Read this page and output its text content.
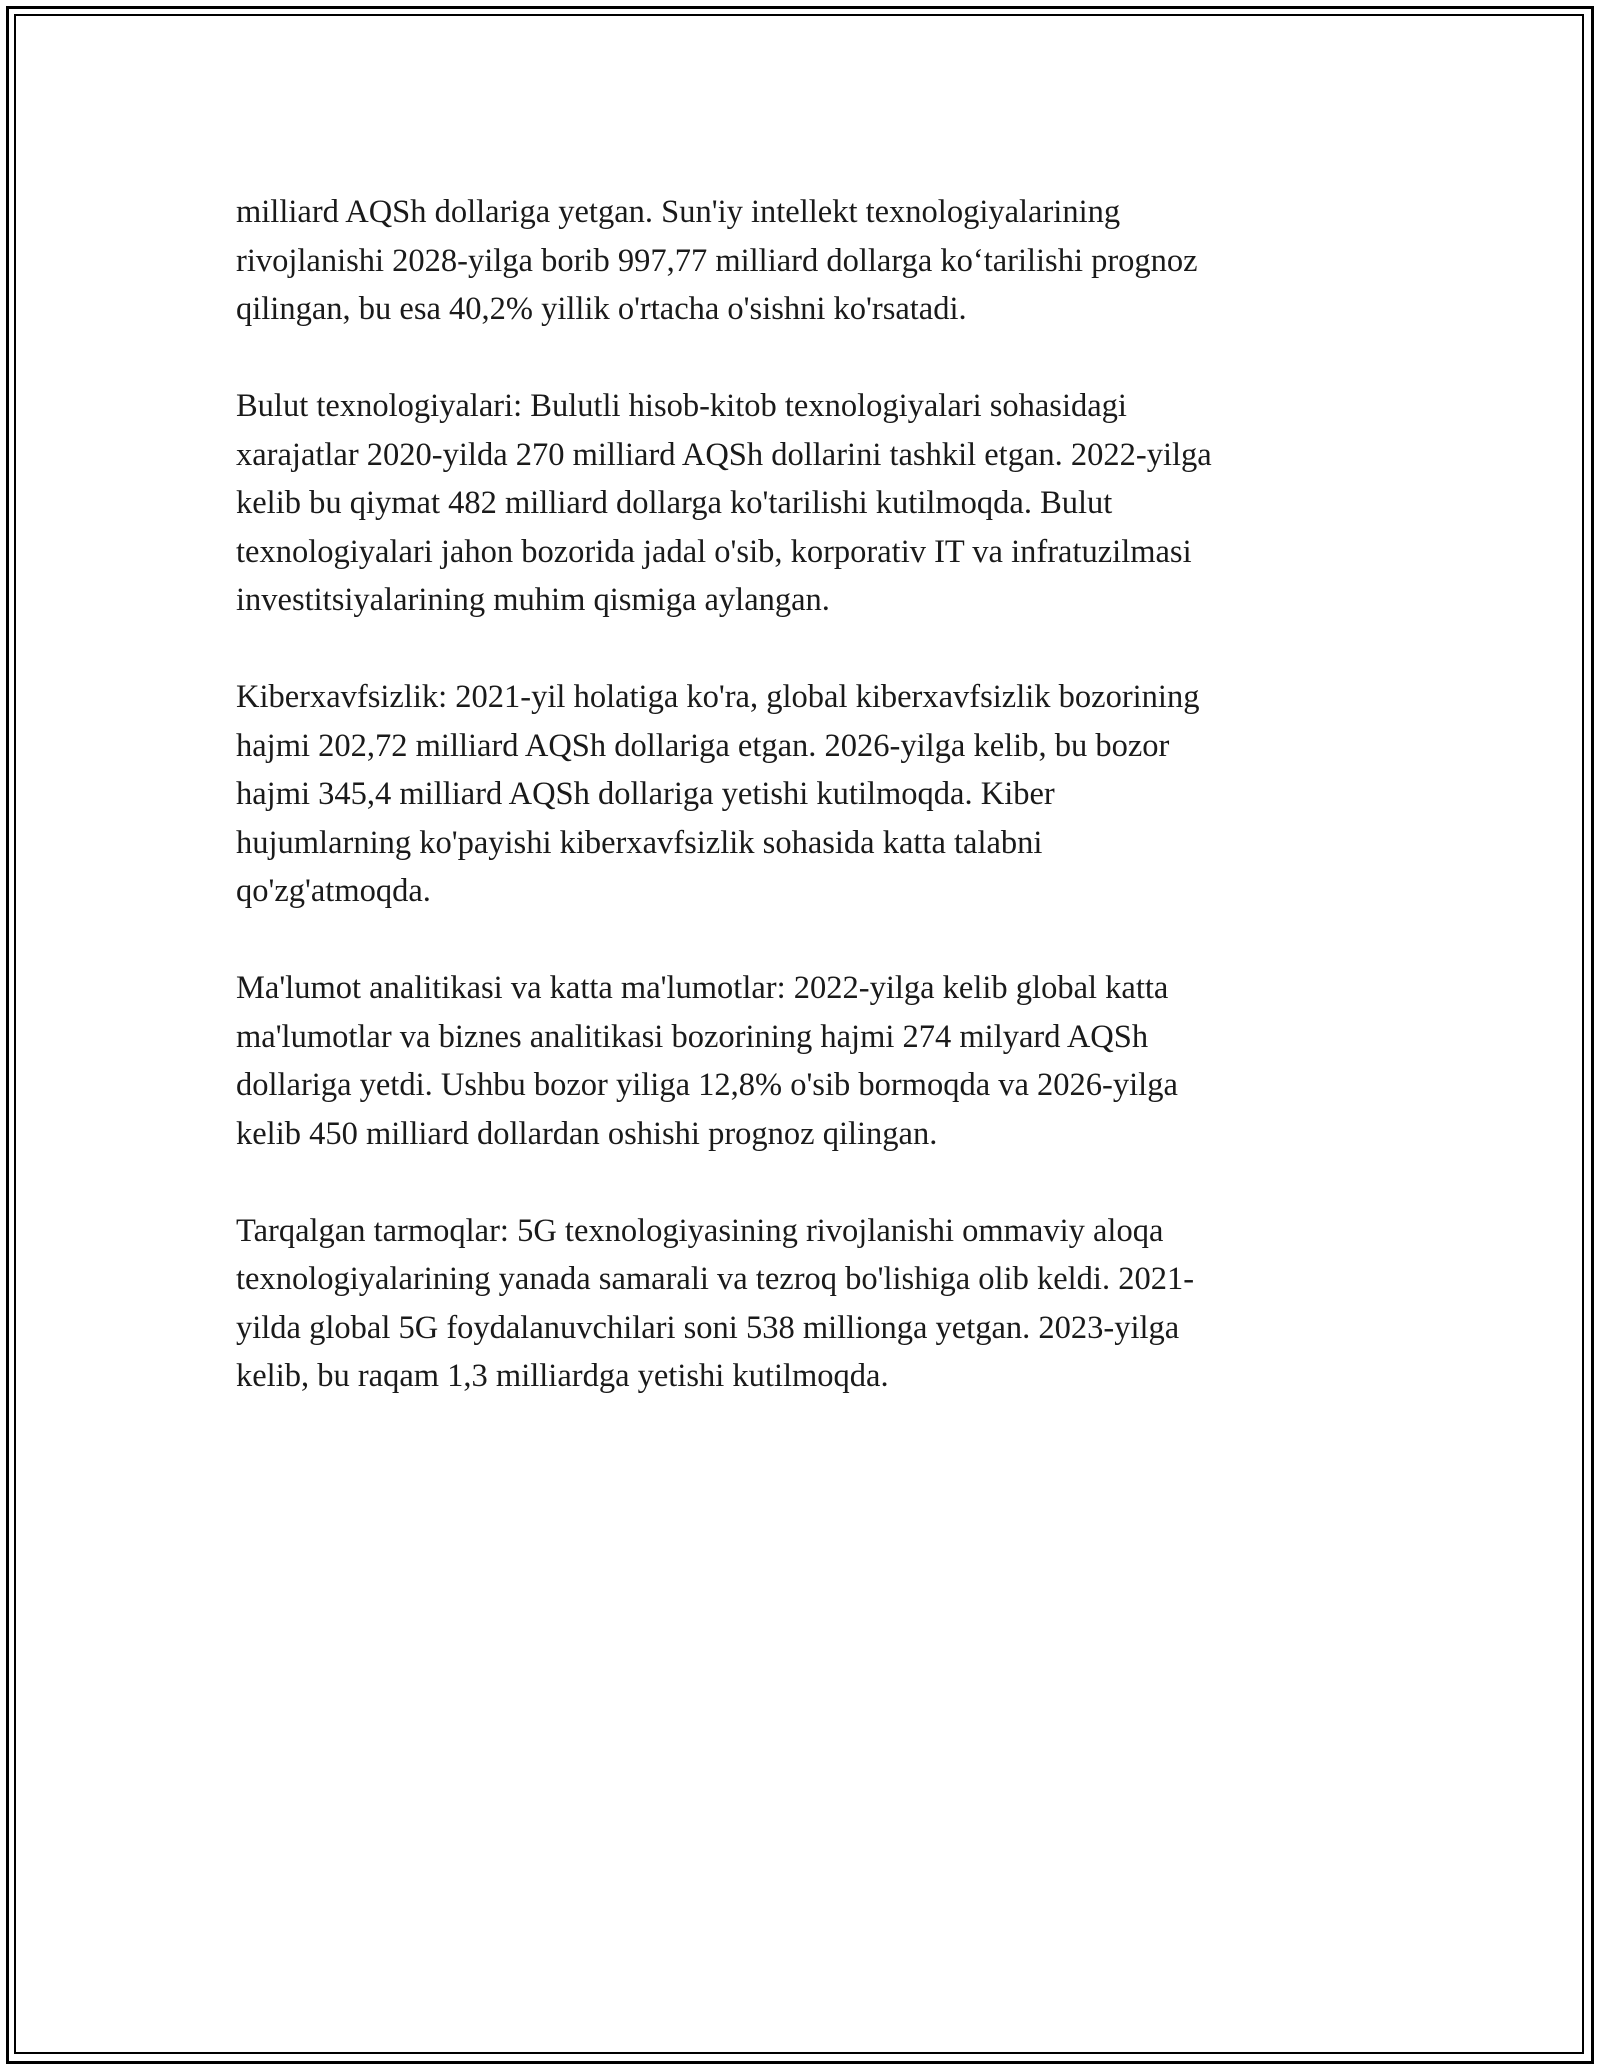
milliard AQSh dollariga yetgan. Sun'iy intellekt texnologiyalarining
rivojlanishi 2028-yilga borib 997,77 milliard dollarga koʻtarilishi prognoz
qilingan, bu esa 40,2% yillik o'rtacha o'sishni ko'rsatadi.

Bulut texnologiyalari: Bulutli hisob-kitob texnologiyalari sohasidagi
xarajatlar 2020-yilda 270 milliard AQSh dollarini tashkil etgan. 2022-yilga
kelib bu qiymat 482 milliard dollarga ko'tarilishi kutilmoqda. Bulut
texnologiyalari jahon bozorida jadal o'sib, korporativ IT va infratuzilmasi
investitsiyalarining muhim qismiga aylangan.

Kiberxavfsizlik: 2021-yil holatiga ko'ra, global kiberxavfsizlik bozorining
hajmi 202,72 milliard AQSh dollariga etgan. 2026-yilga kelib, bu bozor
hajmi 345,4 milliard AQSh dollariga yetishi kutilmoqda. Kiber
hujumlarning ko'payishi kiberxavfsizlik sohasida katta talabni
qo'zg'atmoqda.

Ma'lumot analitikasi va katta ma'lumotlar: 2022-yilga kelib global katta
ma'lumotlar va biznes analitikasi bozorining hajmi 274 milyard AQSh
dollariga yetdi. Ushbu bozor yiliga 12,8% o'sib bormoqda va 2026-yilga
kelib 450 milliard dollardan oshishi prognoz qilingan.

Tarqalgan tarmoqlar: 5G texnologiyasining rivojlanishi ommaviy aloqa
texnologiyalarining yanada samarali va tezroq bo'lishiga olib keldi. 2021-
yilda global 5G foydalanuvchilari soni 538 millionga yetgan. 2023-yilga
kelib, bu raqam 1,3 milliardga yetishi kutilmoqda.
